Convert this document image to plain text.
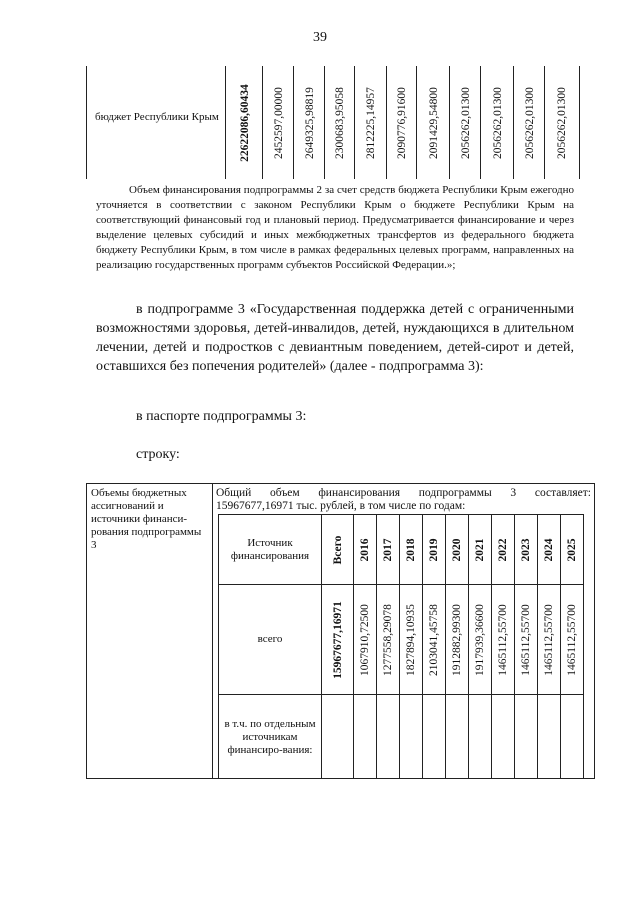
39
бюджет Республики Крым 22622086,60434 2452597,00000 2649325,98819 2300683,95058 2812225,14957 2090776,91600 2091429,54800 2056262,01300 2056262,01300 2056262,01300 2056262,01300
Объем финансирования подпрограммы 2 за счет средств бюджета Республики Крым ежегодно уточняется в соответствии с законом Республики Крым о бюджете Республики Крым на соответствующий финансовый год и плановый период. Предусматривается финансирование и через выделение целевых субсидий и иных межбюджетных трансфертов из федерального бюджета бюджету Республики Крым, в том числе в рамках федеральных целевых программ, направленных на реализацию государственных программ субъектов Российской Федерации.»;
в подпрограмме 3 «Государственная поддержка детей с ограниченными возможностями здоровья, детей-инвалидов, детей, нуждающихся в длительном лечении, детей и подростков с девиантным поведением, детей-сирот и детей, оставшихся без попечения родителей» (далее - подпрограмма 3):
в паспорте подпрограммы 3:
строку:
Объемы бюджетных ассигнований и источники финанси-рования подпрограммы 3
Общий объем финансирования подпрограммы 3 составляет: 15967677,16971 тыс. рублей, в том числе по годам:
Источник финансирования
всего
в т.ч. по отдельным источникам финансиро-вания:
Всего
15967677,16971
2016
1067910,72500
2017
1277558,29078
2018
1827894,10935
2019
2103041,45758
2020
1912882,99300
2021
1917939,36600
2022
1465112,55700
2023
1465112,55700
2024
1465112,55700
2025
1465112,55700
